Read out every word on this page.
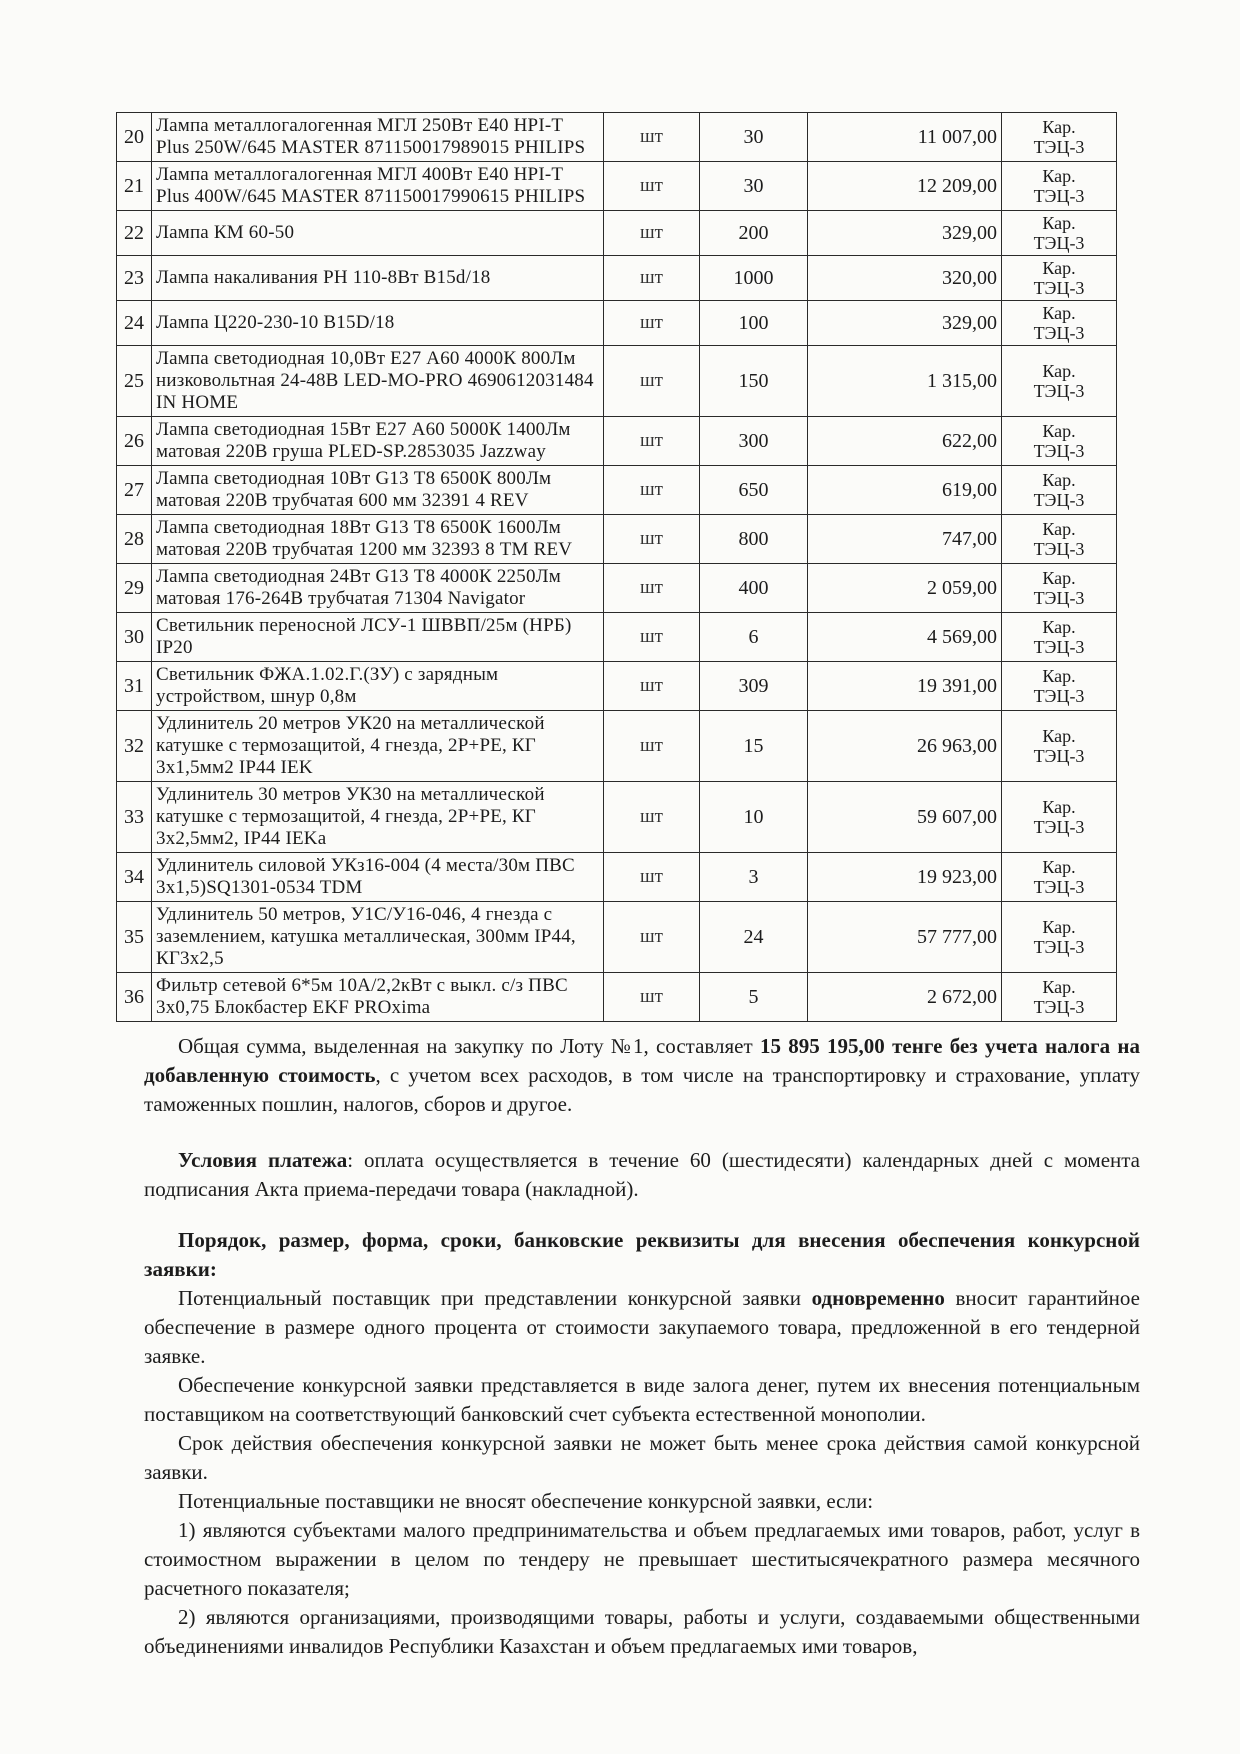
20	Лампа металлогалогенная МГЛ 250Вт Е40 HPI-T Plus 250W/645 MASTER 871150017989015 PHILIPS	шт	30	11 007,00	Кар.
ТЭЦ-3

21	Лампа металлогалогенная МГЛ 400Вт Е40 HPI-T Plus 400W/645 MASTER 871150017990615 PHILIPS	шт	30	12 209,00	Кар.
ТЭЦ-3

22	Лампа КМ 60-50	шт	200	329,00	Кар.
ТЭЦ-3

23	Лампа накаливания РН 110-8Вт B15d/18	шт	1000	320,00	Кар.
ТЭЦ-3

24	Лампа Ц220-230-10 B15D/18	шт	100	329,00	Кар.
ТЭЦ-3

25	Лампа светодиодная 10,0Вт Е27 А60 4000К 800Лм низковольтная 24-48В LED-MO-PRO 4690612031484 IN HOME	шт	150	1 315,00	Кар.
ТЭЦ-3

26	Лампа светодиодная 15Вт Е27 А60 5000К 1400Лм матовая 220В груша PLED-SP.2853035 Jazzway	шт	300	622,00	Кар.
ТЭЦ-3

27	Лампа светодиодная 10Вт G13 Т8 6500К 800Лм матовая 220В трубчатая 600 мм 32391 4 REV	шт	650	619,00	Кар.
ТЭЦ-3

28	Лампа светодиодная 18Вт G13 Т8 6500К 1600Лм матовая 220В трубчатая 1200 мм 32393 8 TM REV	шт	800	747,00	Кар.
ТЭЦ-3

29	Лампа светодиодная 24Вт G13 Т8 4000К 2250Лм матовая 176-264В трубчатая 71304 Navigator	шт	400	2 059,00	Кар.
ТЭЦ-3

30	Светильник переносной ЛСУ-1 ШВВП/25м (НРБ) IP20	шт	6	4 569,00	Кар.
ТЭЦ-3

31	Светильник ФЖА.1.02.Г.(ЗУ) с зарядным устройством, шнур 0,8м	шт	309	19 391,00	Кар.
ТЭЦ-3

32	Удлинитель 20 метров УК20 на металлической катушке с термозащитой, 4 гнезда, 2Р+РЕ, КГ 3х1,5мм2 IP44 IEK	шт	15	26 963,00	Кар.
ТЭЦ-3

33	Удлинитель 30 метров УК30 на металлической катушке с термозащитой, 4 гнезда, 2Р+РЕ, КГ 3х2,5мм2, IP44 IEKa	шт	10	59 607,00	Кар.
ТЭЦ-3

34	Удлинитель силовой УКз16-004 (4 места/30м ПВС 3х1,5)SQ1301-0534 TDM	шт	3	19 923,00	Кар.
ТЭЦ-3

35	Удлинитель 50 метров, У1С/У16-046, 4 гнезда с заземлением, катушка металлическая, 300мм IP44, КГ3х2,5	шт	24	57 777,00	Кар.
ТЭЦ-3

36	Фильтр сетевой 6*5м 10А/2,2кВт с выкл. с/з ПВС 3х0,75 Блокбастер EKF PROxima	шт	5	2 672,00	Кар.
ТЭЦ-3

Общая сумма, выделенная на закупку по Лоту №1, составляет 15 895 195,00 тенге без учета налога на добавленную стоимость, с учетом всех расходов, в том числе на транспортировку и страхование, уплату таможенных пошлин, налогов, сборов и другое.

Условия платежа: оплата осуществляется в течение 60 (шестидесяти) календарных дней с момента подписания Акта приема-передачи товара (накладной).

Порядок, размер, форма, сроки, банковские реквизиты для внесения обеспечения конкурсной заявки:

Потенциальный поставщик при представлении конкурсной заявки одновременно вносит гарантийное обеспечение в размере одного процента от стоимости закупаемого товара, предложенной в его тендерной заявке.

Обеспечение конкурсной заявки представляется в виде залога денег, путем их внесения потенциальным поставщиком на соответствующий банковский счет субъекта естественной монополии.

Срок действия обеспечения конкурсной заявки не может быть менее срока действия самой конкурсной заявки.

Потенциальные поставщики не вносят обеспечение конкурсной заявки, если:

1) являются субъектами малого предпринимательства и объем предлагаемых ими товаров, работ, услуг в стоимостном выражении в целом по тендеру не превышает шеститысячекратного размера месячного расчетного показателя;

2) являются организациями, производящими товары, работы и услуги, создаваемыми общественными объединениями инвалидов Республики Казахстан и объем предлагаемых ими товаров,
